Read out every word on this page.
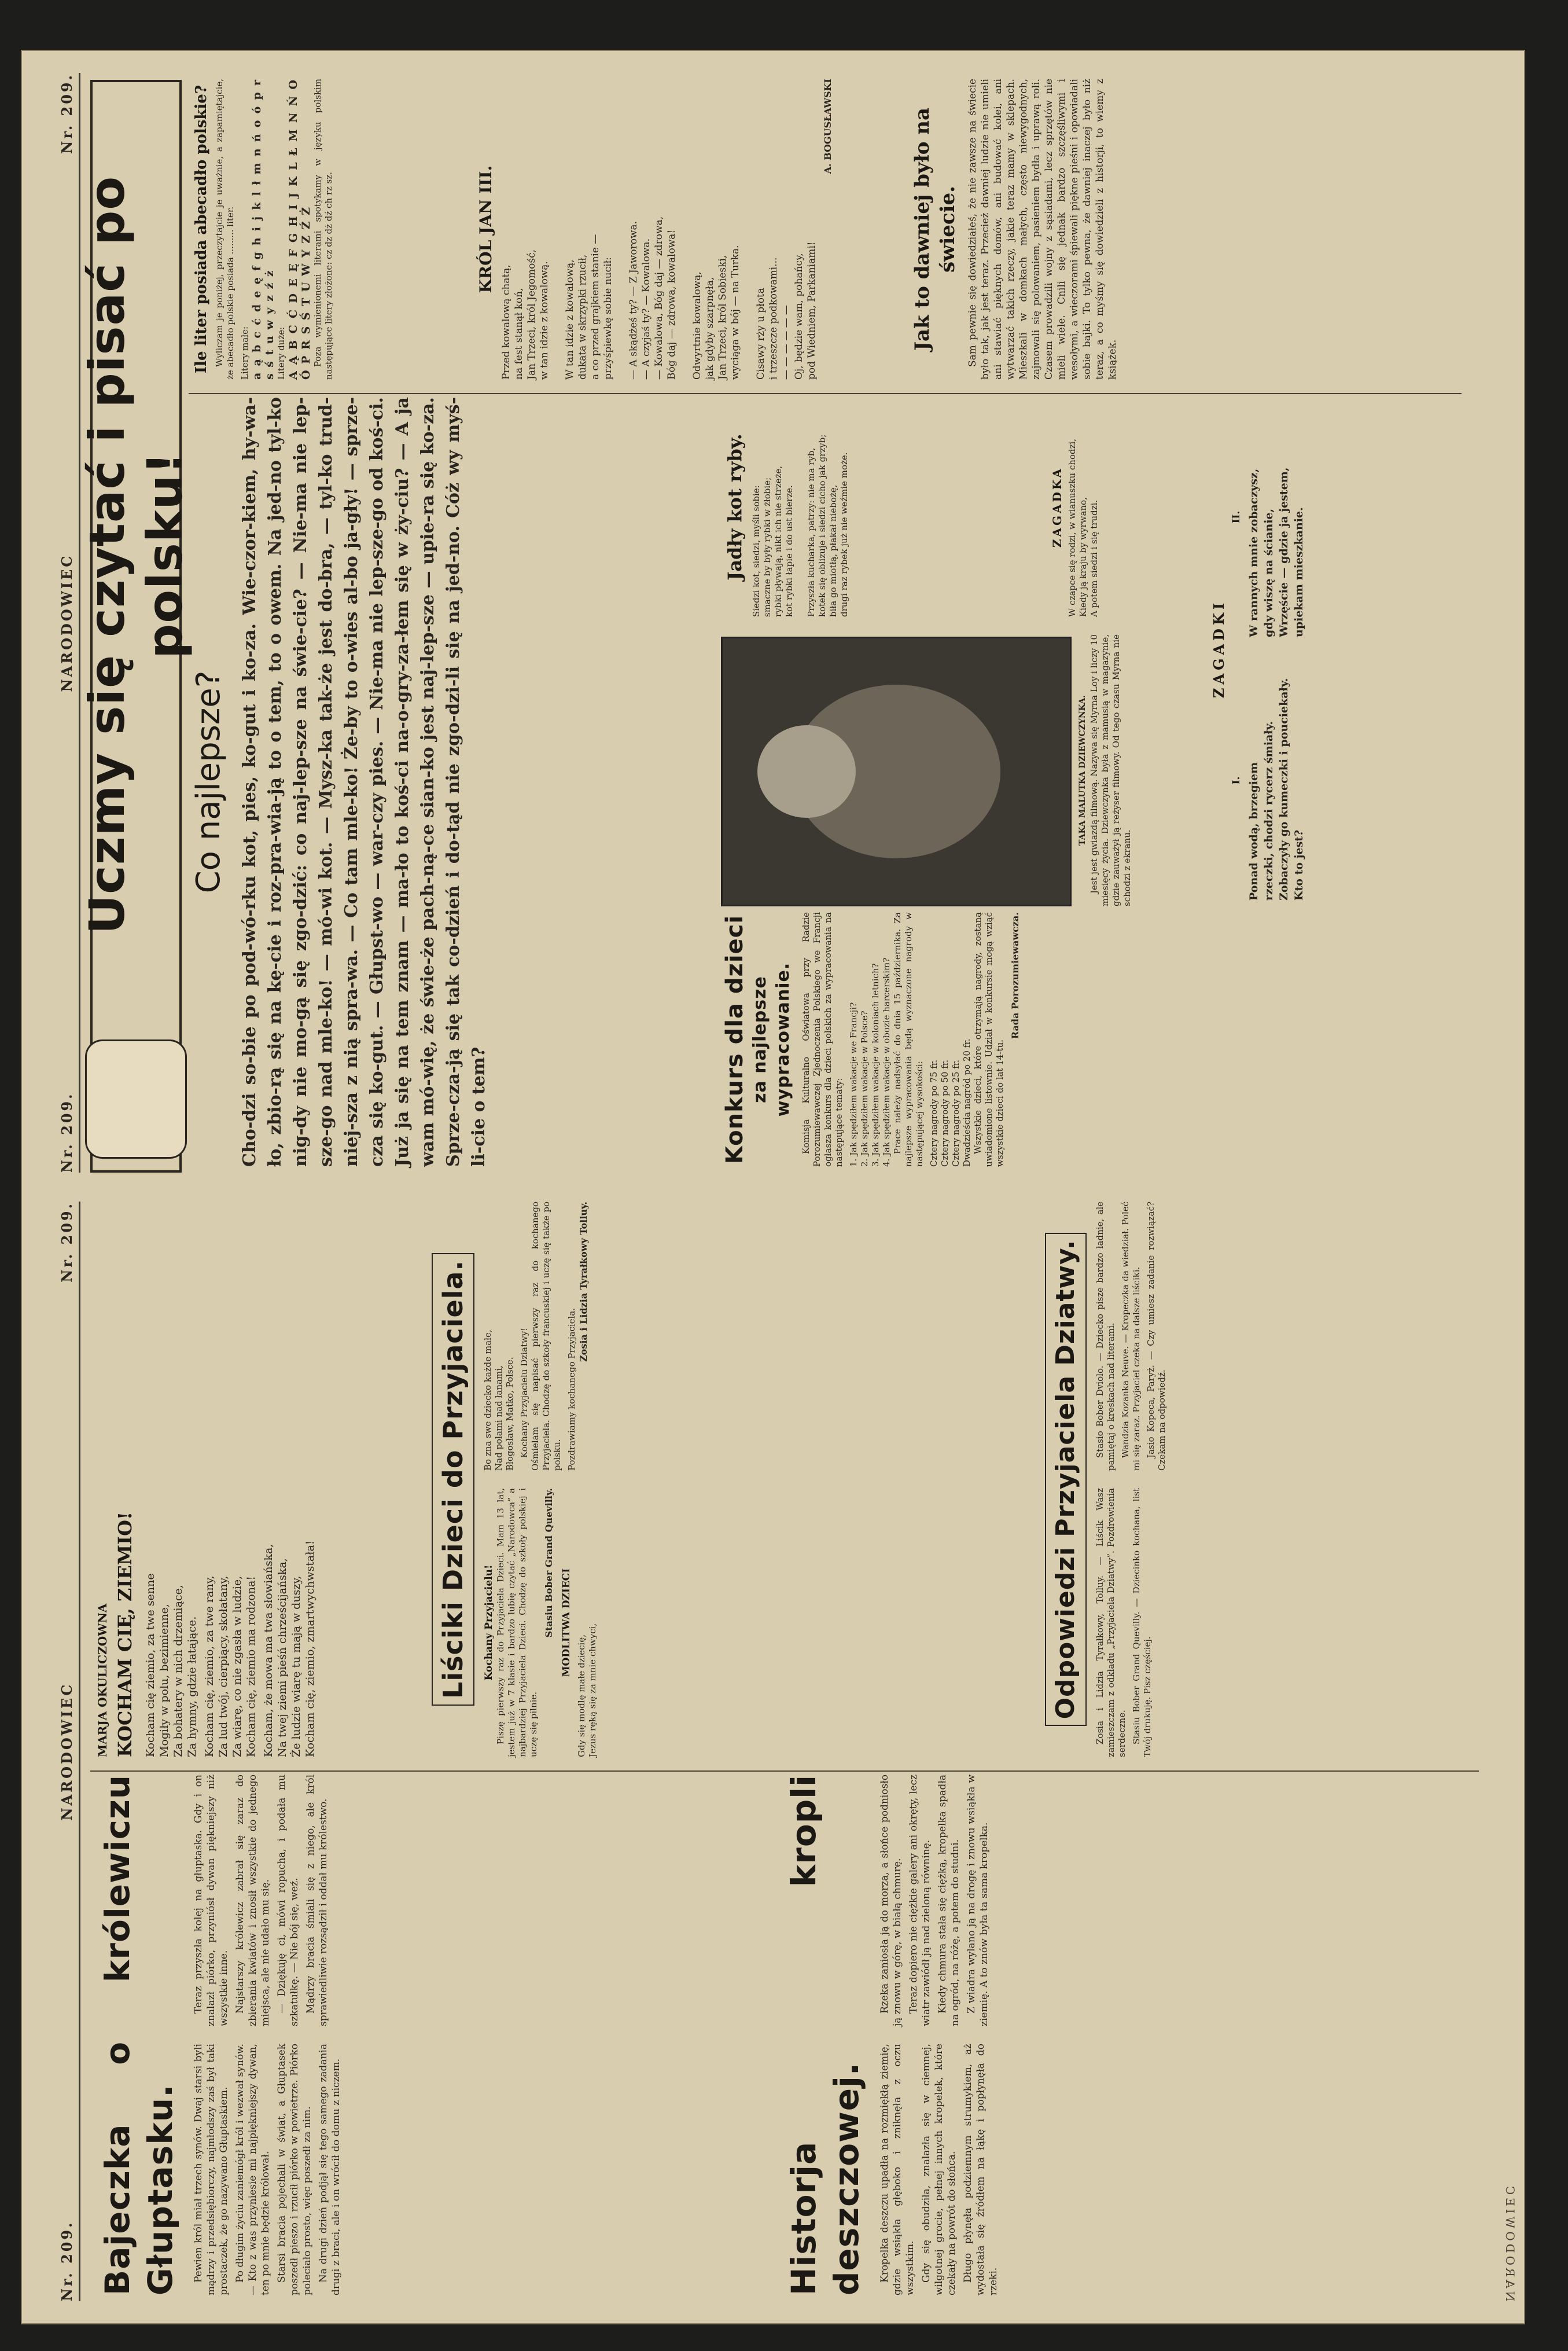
Nr. 209.
NARODOWIEC
Nr. 209.
Bajeczka o królewiczu Głuptasku. Pewien król miał trzech synów. Dwaj starsi byli mądrzy i przedsiębiorczy, najmłodszy zaś był taki prostaczek, że go nazywano Głuptaskiem. Po długim życiu zaniemógł król i wezwał synów. — Kto z was przyniesie mi najpiękniejszy dywan, ten po mnie będzie królował. Starsi bracia pojechali w świat, a Głuptasek poszedł pieszo i rzucił piórko w powietrze. Piórko poleciało prosto, więc poszedł za nim. Na drugi dzień podjął się tego samego zadania drugi z braci, ale i on wrócił do domu z niczem.

Teraz przyszła kolej na głuptaska. Gdy i on znalazł piórko, przyniósł dywan piękniejszy niż wszystkie inne. Najstarszy królewicz zabrał się zaraz do zbierania kwiatów i znosił wszystkie do jednego miejsca, ale nie udało mu się. — Dziękuję ci, mówi ropucha, i podała mu szkatułkę. — Nie bój się, weź. Mądrzy bracia śmiali się z niego, ale król sprawiedliwie rozsądził i oddał mu królestwo.	Historja kropli deszczowej. Kropelka deszczu upadła na rozmiękłą ziemię, gdzie wsiąkła głęboko i zniknęła z oczu wszystkim. Gdy się obudziła, znalazła się w ciemnej, wilgotnej grocie, pełnej innych kropelek, które czekały na powrót do słońca. Długo płynęła podziemnym strumykiem, aż wydostała się źródłem na łąkę i popłynęła do rzeki.

Rzeka zaniosła ją do morza, a słońce podniosło ją znowu w górę, w białą chmurę. Teraz dopiero nie ciężkie galery ani okręty, lecz wiatr zawiódł ją nad zieloną równinę. Kiedy chmura stała się ciężką, kropelka spadła na ogród, na różę, a potem do studni. Z wiadra wylano ją na drogę i znowu wsiąkła w ziemię. A to znów była ta sama kropelka.

MARJA OKULICZOWNA KOCHAM CIĘ, ZIEMIO! Kocham cię ziemio, za twe senne
Mogiły w polu, bezimienne,
Za bohatery w nich drzemiące,
Za hymny, gdzie łatające.
Kocham cię, ziemio, za twe rany,
Za lud twój, cierpiący, skołatany,
Za wiarę, co nie zgasła w ludzie,
Kocham cię, ziemio ma rodzona!
Kocham, że mowa ma twa słowiańska,
Na twej ziemi pieśń chrześcijańska,
Że ludzie wiarę tu mają w duszy,
Kocham cię, ziemio, zmartwychwstała!	Liściki Dzieci do Przyjaciela.	Kochany Przyjacielu! Piszę pierwszy raz do Przyjaciela Dzieci. Mam 13 lat, jestem już w 7 klasie i bardzo lubię czytać „Narodowca” a najbardziej Przyjaciela Dzieci. Chodzę do szkoły polskiej i uczę się pilnie.

Stasiu Bober Grand Quevilly. MODLITWA DZIECI
Gdy się modlę małe dziecię,
Jezus ręką się za mnie chwyci,
Bo zna swe dziecko każde małe,
Nad polami nad łanami,
Błogosław, Matko, Polsce.

Kochany Przyjacielu Dziatwy!
Ośmielam się napisać pierwszy raz do kochanego Przyjaciela. Chodzę do szkoły francuskiej i uczę się także po polsku. Pozdrawiamy kochanego Przyjaciela.
Zosia i Lidzia Tyrałkowy Tolluy.	Odpowiedzi Przyjaciela Dziatwy.	Zosia i Lidzia Tyrałkowy, Tolluy. — Liścik Wasz zamieszczam z odkładu „Przyjaciela Dziatwy”. Pozdrowienia serdeczne. Stasiu Bober Grand Quevilly. — Dziecinko kochana, list Twój drukuję. Pisz częściej.

Stasio Bober Dviolo. — Dziecko pisze bardzo ładnie, ale pamiętaj o kreskach nad literami. Wandzia Kozanka Neuve. — Kropeczka da wiedział. Poleć mi się zaraz. Przyjaciel czeka na dalsze liściki. Jasio Kopeca, Paryż. — Czy umiesz zadanie rozwiązać? Czekam na odpowiedź.

Nr. 209.
NARODOWIEC
Nr. 209.
Uczmy się czytać i pisać po polsku!
Co najlepsze? Cho-dzi so-bie po pod-wó-rku kot, pies, ko-gut i ko-za. Wie-czor-kiem, hy-wa-ło, zbio-rą się na kę-cie i roz-pra-wia-ją to o tem, to o owem. Na jed-no tyl-ko nig-dy nie mo-gą się zgo-dzić: co naj-lep-sze na świe-cie? — Nie-ma nie lep-sze-go nad mle-ko! — mó-wi kot. — Mysz-ka tak-że jest do-bra, — tyl-ko trud-niej-sza z nią spra-wa. — Co tam mle-ko! Że-by to o-wies al-bo ja-gły! — sprze-cza się ko-gut. — Głupst-wo — war-czy pies. — Nie-ma nie lep-sze-go od koś-ci. Już ja się na tem znam — ma-ło to koś-ci na-o-gry-za-łem się w ży-ciu? — A ja wam mó-wię, że świe-że pach-ną-ce sian-ko jest naj-lep-sze — upie-ra się ko-za. Sprze-cza-ją się tak co-dzień i do-tąd nie zgo-dzi-li się na jed-no. Cóż wy myś-li-cie o tem?
Ile liter posiada abecadło polskie? Wyliczam je poniżej, przeczytajcie je uważnie, a zapamiętajcie, że abecadło polskie posiada ......... liter. Litery małe: a ą b c ć d e ę f g h i j k l ł m n ń o ó p r s ś t u w y z ź ż Litery duże: A Ą B C Ć D E Ę F G H I J K L Ł M N Ń O Ó P R S Ś T U W Y Z Ź Ż Poza wymienionemi literami spotykamy w języku polskim następujące litery złożone: cz dz dż dź ch rz sz.	KRÓL JAN III.
Przed kowalową chatą,
na fest stanął koń,
Jan Trzeci, król Jegomość,
w tan idzie z kowalową.

W tan idzie z kowalową,
dukata w skrzypki rzucił,
a co przed grajkiem stanie —
przyśpiewkę sobie nucił:

— A skądżeś ty? — Z Jaworowa.
— A czyjaś ty? — Kowalowa.
— Kowalowa, Bóg daj — zdrowa,
Bóg daj — zdrowa, kowalowa!

Odwyrtnie kowalową,
jak gdyby szarpnęła,
Jan Trzeci, król Sobieski,
wyciąga w bój — na Turka.

Cisawy rży u płota
i trzeszcze podkowami...
— — — — — —
Oj, będzie wam, pohańcy,
pod Wiedniem, Parkaniami!
A. BOGUSŁAWSKI	Jak to dawniej było na świecie. Sam pewnie się dowiedziałeś, że nie zawsze na świecie było tak, jak jest teraz. Przecież dawniej ludzie nie umieli ani stawiać pięknych domów, ani budować kolei, ani wytwarzać takich rzeczy, jakie teraz mamy w sklepach. Mieszkali w domkach małych, często niewygodnych, zajmowali się polowaniem, pasieniem bydła i uprawą roli. Czasem prowadzili wojny z sąsiadami, lecz sprzętów nie mieli wiele. Cnili się jednak bardzo szczęśliwymi i wesołymi, a wieczorami śpiewali piękne pieśni i opowiadali sobie bajki. To tylko pewna, że dawniej inaczej było niż teraz, a co myśmy się dowiedzieli z historji, to wiemy z książek.

Konkurs dla dzieci za najlepsze wypracowanie. Komisja Kulturalno Oświatowa przy Radzie Porozumiewawczej Zjednoczenia Polskiego we Francji ogłasza konkurs dla dzieci polskich za wypracowania na następujące tematy: 1. Jak spędziłem wakacje we Francji? 2. Jak spędziłem wakacje w Polsce? 3. Jak spędziłem wakacje w koloniach letnich? 4. Jak spędziłem wakacje w obozie harcerskim? Prace należy nadsyłać do dnia 15 października. Za najlepsze wypracowania będą wyznaczone nagrody w następującej wysokości: Cztery nagrody po 75 fr. Cztery nagrody po 50 fr. Cztery nagrody po 25 fr. Dwadzieścia nagród po 20 fr. Wszystkie dzieci, które otrzymają nagrody, zostaną uwiadomione listownie. Udział w konkursie mogą wziąć wszystkie dzieci do lat 14-tu.

Rada Porozumiewawcza.
TAKA MALUTKA DZIEWCZYNKA. Jest jest gwiazdą filmową. Nazywa się Myrna Loy i liczy 10 miesięcy życia. Dziewczynka była z mamusią w magazynie, gdzie zauważył ją reżyser filmowy. Od tego czasu Myrna nie schodzi z ekranu.

Jadły kot ryby.
Siedzi kot, siedzi, myśli sobie:
smaczne by były rybki w żłobie;
rybki pływają, nikt ich nie strzeże,
kot rybki łapie i do ust bierze.

Przyszła kucharka, patrzy: nie ma ryb,
kotek się oblizuje i siedzi cicho jak grzyb;
biła go miotłą, płakał niebożę,
drugi raz rybek już nie weźmie może.
ZAGADKA
W czapce się rodzi, w wianuszku chodzi,
Kiedy ją kraju by wyrwano,
A potem siedzi i się trudzi.
ZAGADKI
I.
Ponad wodą, brzegiem
rzeczki, chodzi rycerz śmiały.
Zobaczyły go kumeczki i pouciekały.
Kto to jest?
II.
W rannych mnie zobaczysz,
gdy wiszę na ścianie,
Wrzęście — gdzie ja jestem,
upiekam mieszkanie.
NARODOWIEC
